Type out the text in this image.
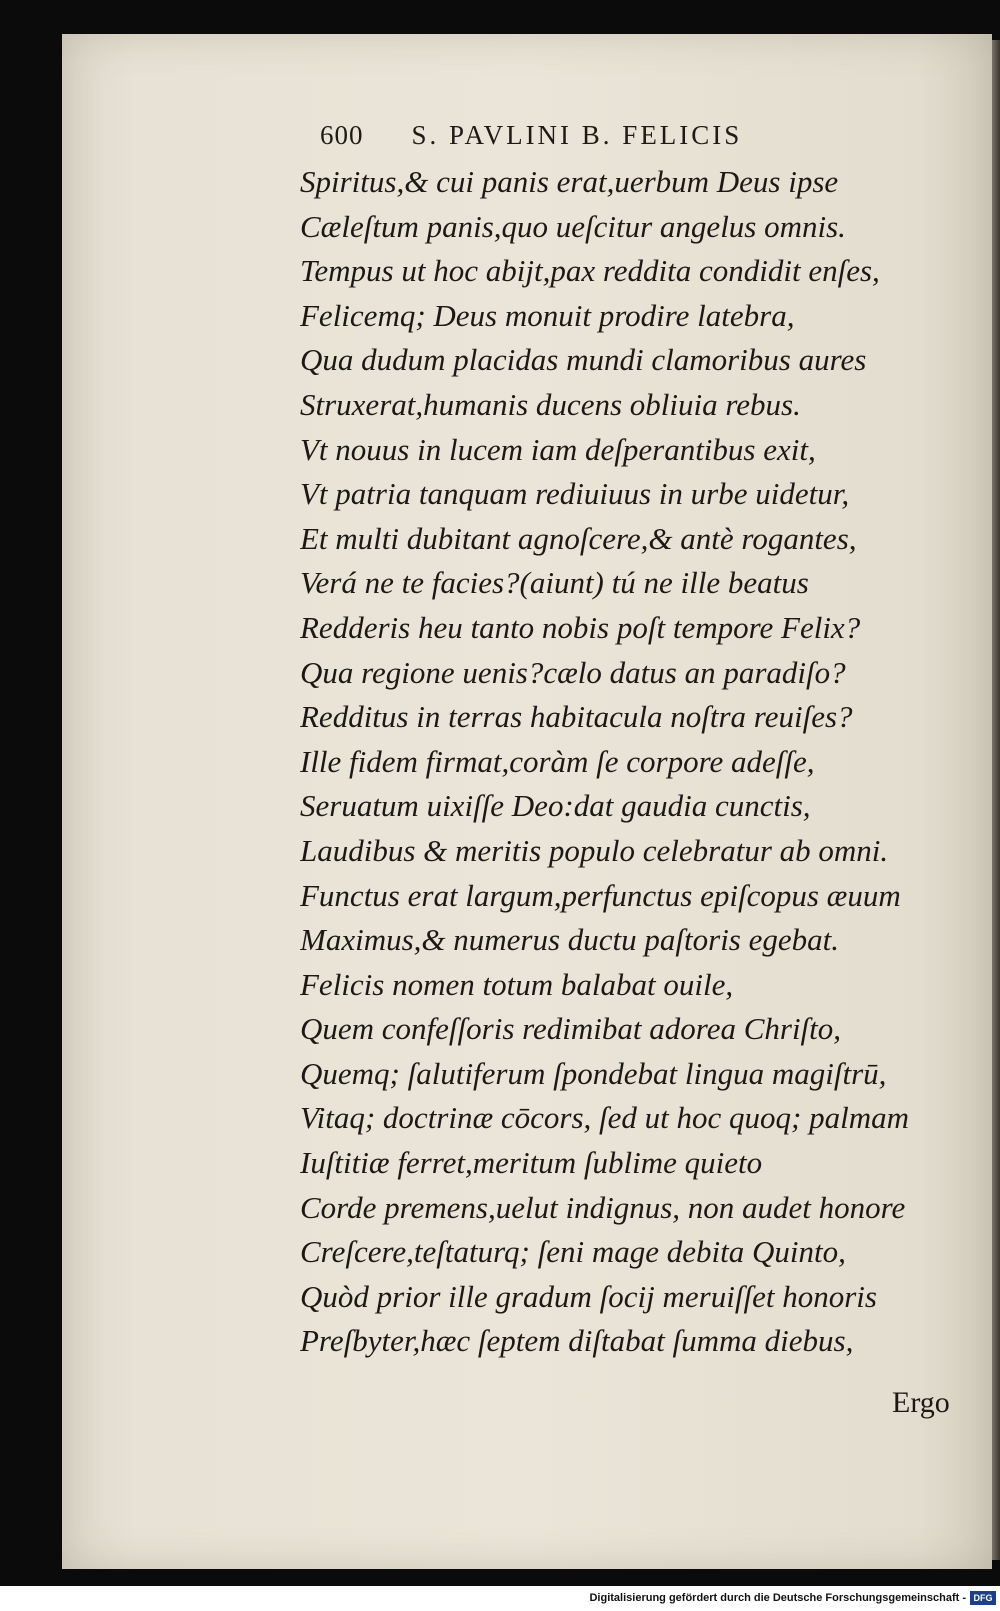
600 S. PAVLINI B. FELICIS
Spiritus,& cui panis erat,uerbum Deus ipse
Cæleſtum panis,quo ueſcitur angelus omnis.
Tempus ut hoc abijt,pax reddita condidit enſes,
Felicemq; Deus monuit prodire latebra,
Qua dudum placidas mundi clamoribus aures
Struxerat,humanis ducens obliuia rebus.
Vt nouus in lucem iam deſperantibus exit,
Vt patria tanquam rediuiuus in urbe uidetur,
Et multi dubitant agnoſcere,& antè rogantes,
Verá ne te facies?(aiunt) tú ne ille beatus
Redderis heu tanto nobis poſt tempore Felix?
Qua regione uenis?cælo datus an paradiſo?
Redditus in terras habitacula noſtra reuiſes?
Ille fidem firmat,coràm ſe corpore adeſſe,
Seruatum uixiſſe Deo:dat gaudia cunctis,
Laudibus & meritis populo celebratur ab omni.
Functus erat largum,perfunctus epiſcopus æuum
Maximus,& numerus ductu paſtoris egebat.
Felicis nomen totum balabat ouile,
Quem confeſſoris redimibat adorea Chriſto,
Quemq; ſalutiferum ſpondebat lingua magiſtrū,
Vitaq; doctrinæ cōcors, ſed ut hoc quoq; palmam
Iuſtitiæ ferret,meritum ſublime quieto
Corde premens,uelut indignus, non audet honore
Creſcere,teſtaturq; ſeni mage debita Quinto,
Quòd prior ille gradum ſocij meruiſſet honoris
Preſbyter,hæc ſeptem diſtabat ſumma diebus,
Ergo
Digitalisierung gefördert durch die Deutsche Forschungsgemeinschaft - DFG
